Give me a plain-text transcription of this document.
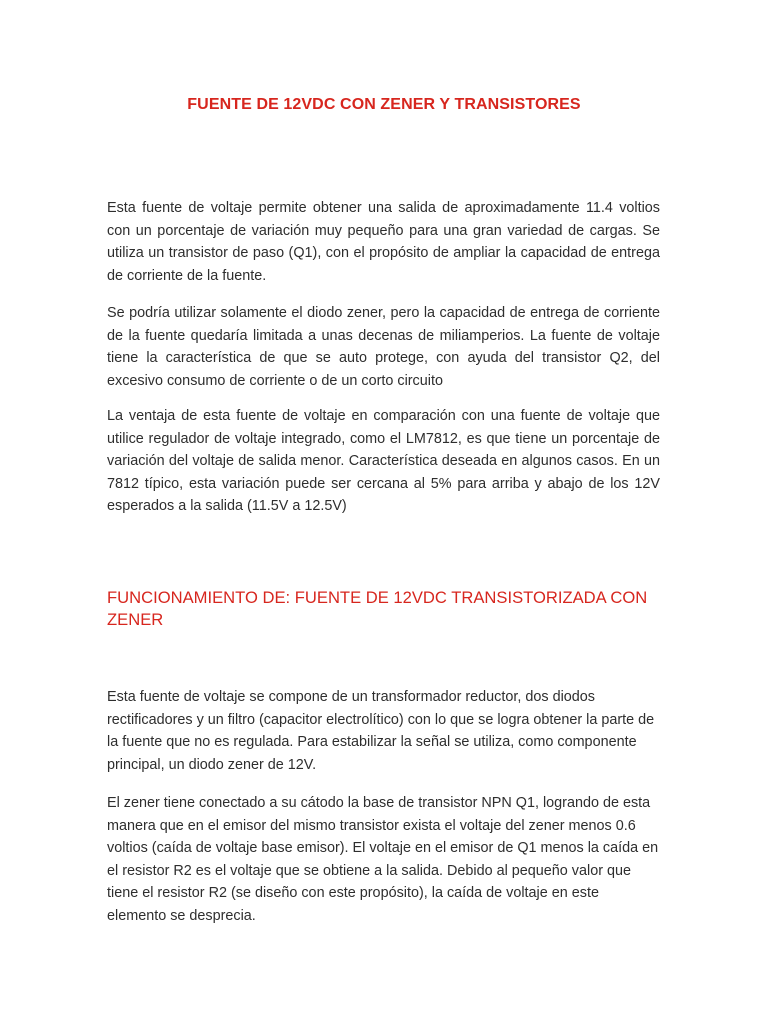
FUENTE DE 12VDC CON ZENER Y TRANSISTORES

Esta fuente de voltaje permite obtener una salida de aproximadamente 11.4 voltios con un porcentaje de variación muy pequeño para una gran variedad de cargas. Se utiliza un transistor de paso (Q1), con el propósito de ampliar la capacidad de entrega de corriente de la fuente.

Se podría utilizar solamente el diodo zener, pero la capacidad de entrega de corriente de la fuente quedaría limitada a unas decenas de miliamperios. La fuente de voltaje tiene la característica de que se auto protege, con ayuda del transistor Q2, del excesivo consumo de corriente o de un corto circuito

La ventaja de esta fuente de voltaje en comparación con una fuente de voltaje que utilice regulador de voltaje integrado, como el LM7812, es que tiene un porcentaje de variación del voltaje de salida menor. Característica deseada en algunos casos. En un 7812 típico, esta variación puede ser cercana al 5% para arriba y abajo de los 12V esperados a la salida (11.5V a 12.5V)

FUNCIONAMIENTO DE: FUENTE DE 12VDC TRANSISTORIZADA CON ZENER

Esta fuente de voltaje se compone de un transformador reductor, dos diodos rectificadores y un filtro (capacitor electrolítico) con lo que se logra obtener la parte de la fuente que no es regulada. Para estabilizar la señal se utiliza, como componente principal, un diodo zener de 12V.

El zener tiene conectado a su cátodo la base de transistor NPN Q1, logrando de esta manera que en el emisor del mismo transistor exista el voltaje del zener menos 0.6 voltios (caída de voltaje base emisor). El voltaje en el emisor de Q1 menos la caída en el resistor R2 es el voltaje que se obtiene a la salida. Debido al pequeño valor que tiene el resistor R2 (se diseño con este propósito), la caída de voltaje en este elemento se desprecia.
